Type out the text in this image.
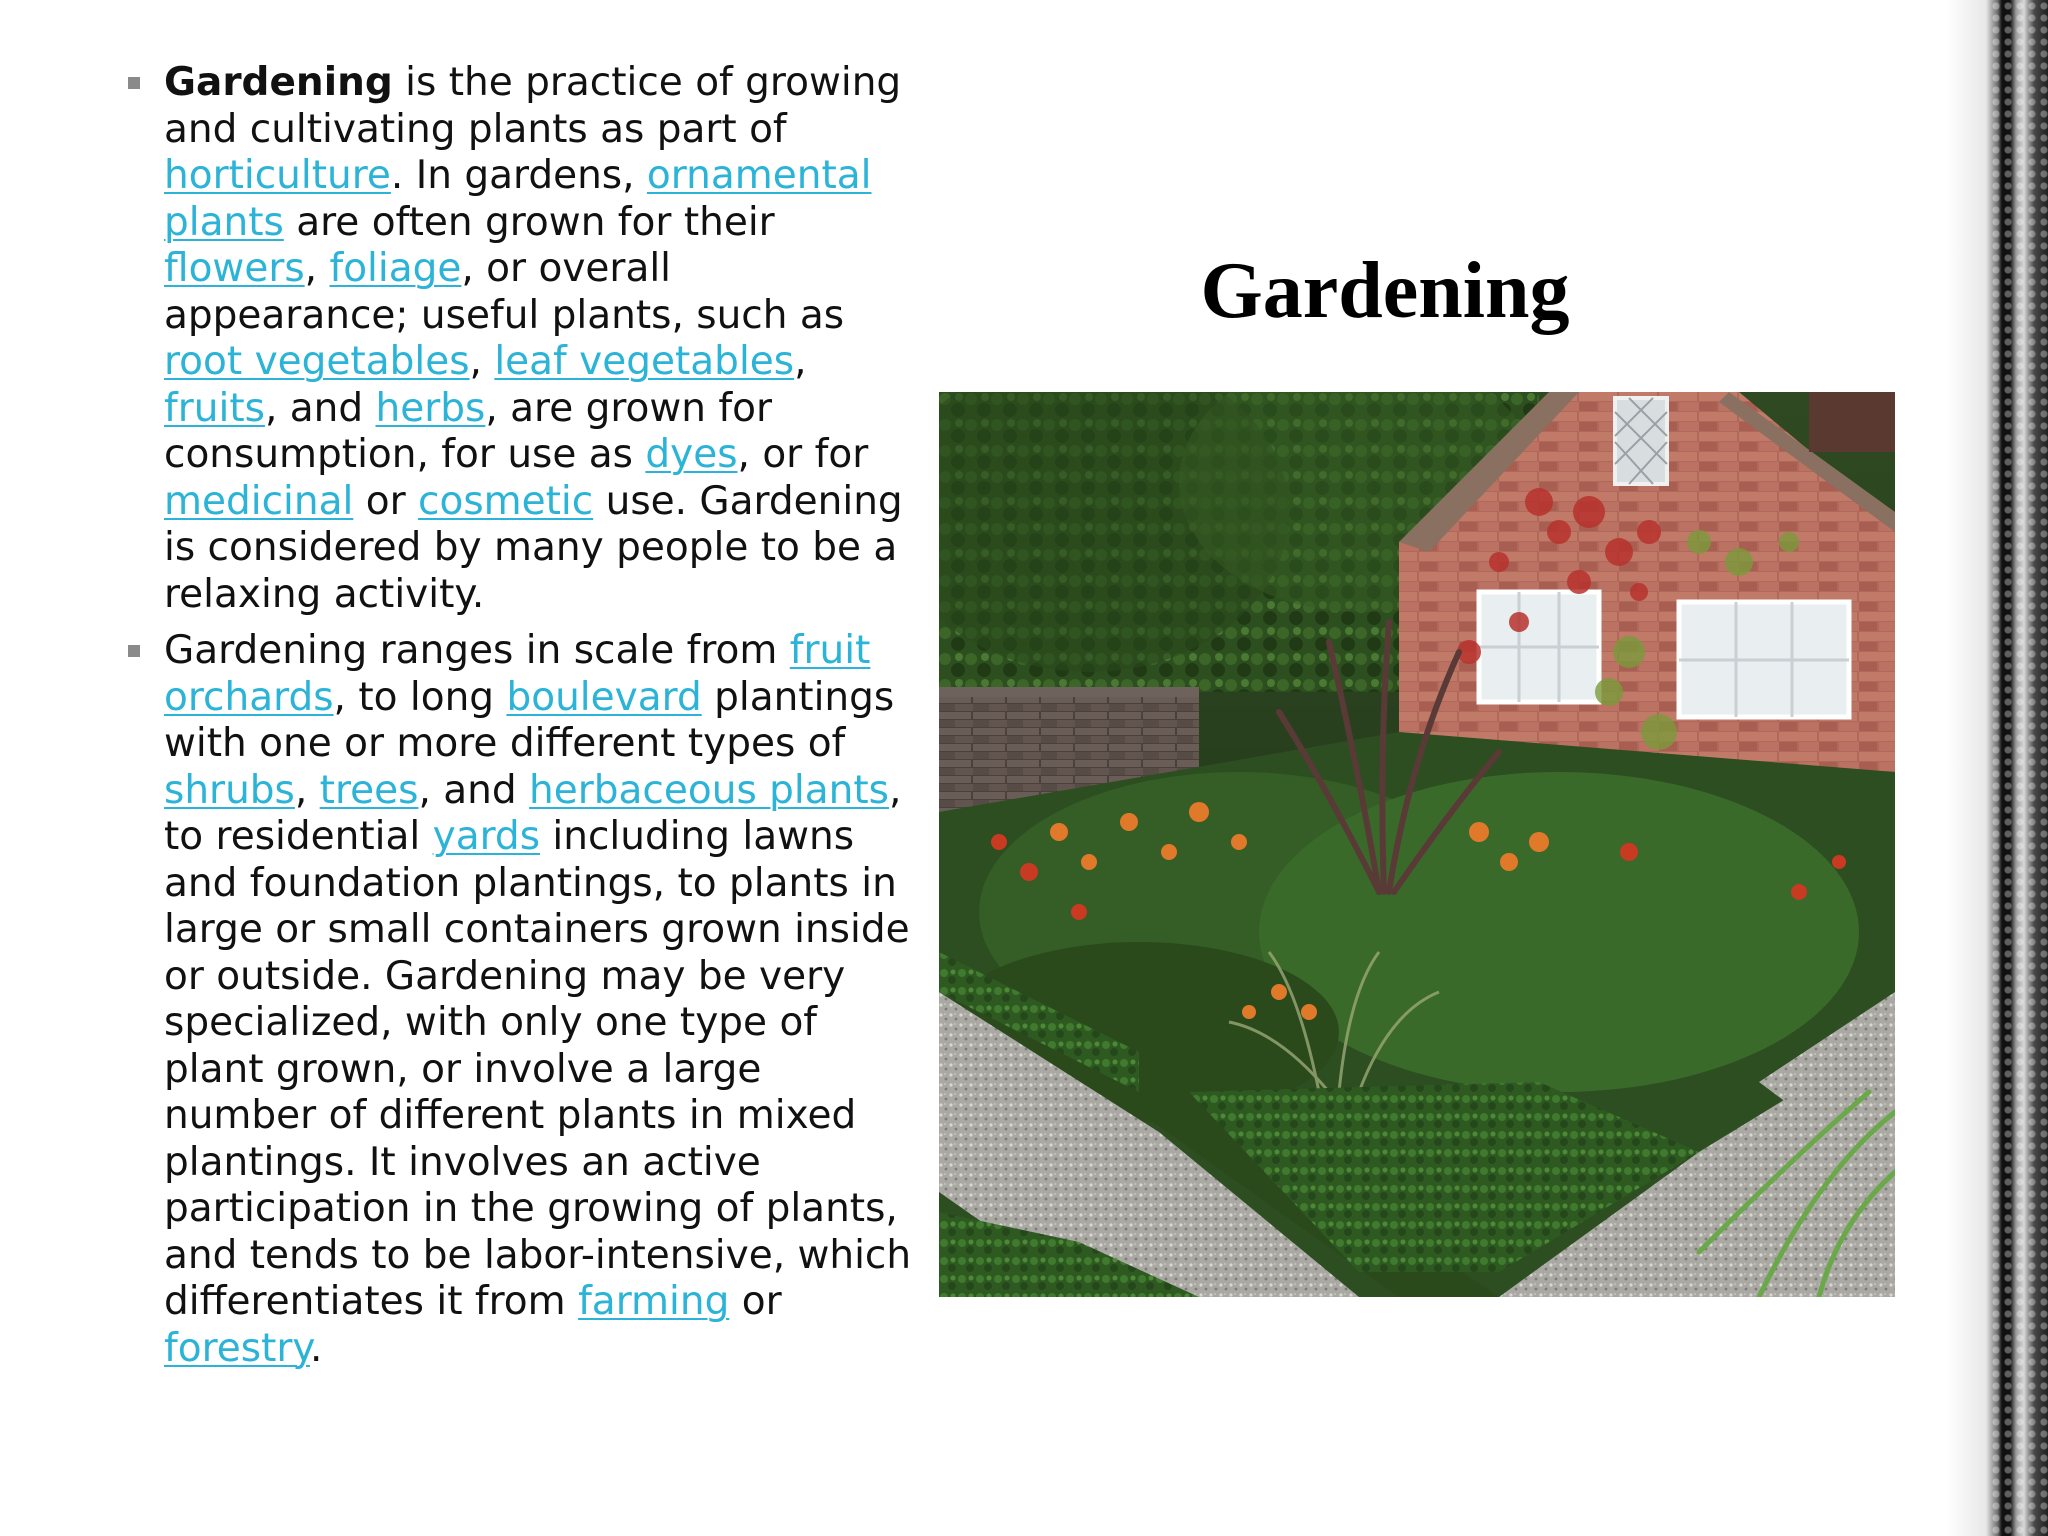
Gardening is the practice of growing and cultivating plants as part of horticulture. In gardens, ornamental plants are often grown for their flowers, foliage, or overall appearance; useful plants, such as root vegetables, leaf vegetables, fruits, and herbs, are grown for consumption, for use as dyes, or for medicinal or cosmetic use. Gardening is considered by many people to be a relaxing activity.
Gardening ranges in scale from fruit orchards, to long boulevard plantings with one or more different types of shrubs, trees, and herbaceous plants, to residential yards including lawns and foundation plantings, to plants in large or small containers grown inside or outside. Gardening may be very specialized, with only one type of plant grown, or involve a large number of different plants in mixed plantings. It involves an active participation in the growing of plants, and tends to be labor-intensive, which differentiates it from farming or forestry.
Gardening
